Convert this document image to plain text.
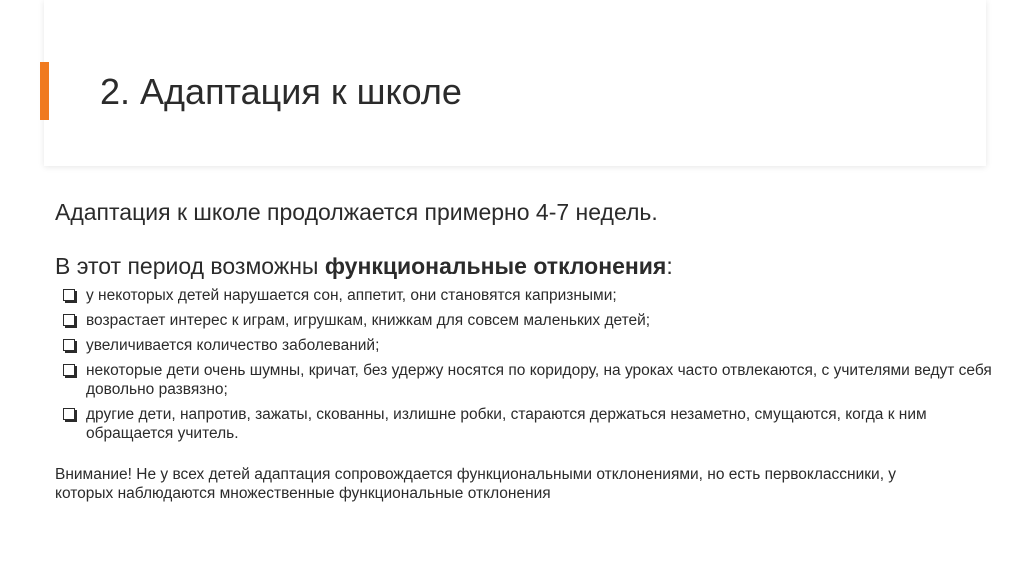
2. Адаптация к школе

Адаптация к школе продолжается примерно 4-7 недель.

В этот период возможны функциональные отклонения:

у некоторых детей нарушается сон, аппетит, они становятся капризными;
возрастает интерес к играм, игрушкам, книжкам для совсем маленьких детей;
увеличивается количество заболеваний;
некоторые дети очень шумны, кричат, без удержу носятся по коридору, на уроках часто отвлекаются, с учителями ведут себя довольно развязно;
другие дети, напротив, зажаты, скованны, излишне робки, стараются держаться незаметно, смущаются, когда к ним обращается учитель.

Внимание! Не у всех детей адаптация сопровождается функциональными отклонениями, но есть первоклассники, у которых наблюдаются множественные функциональные отклонения
